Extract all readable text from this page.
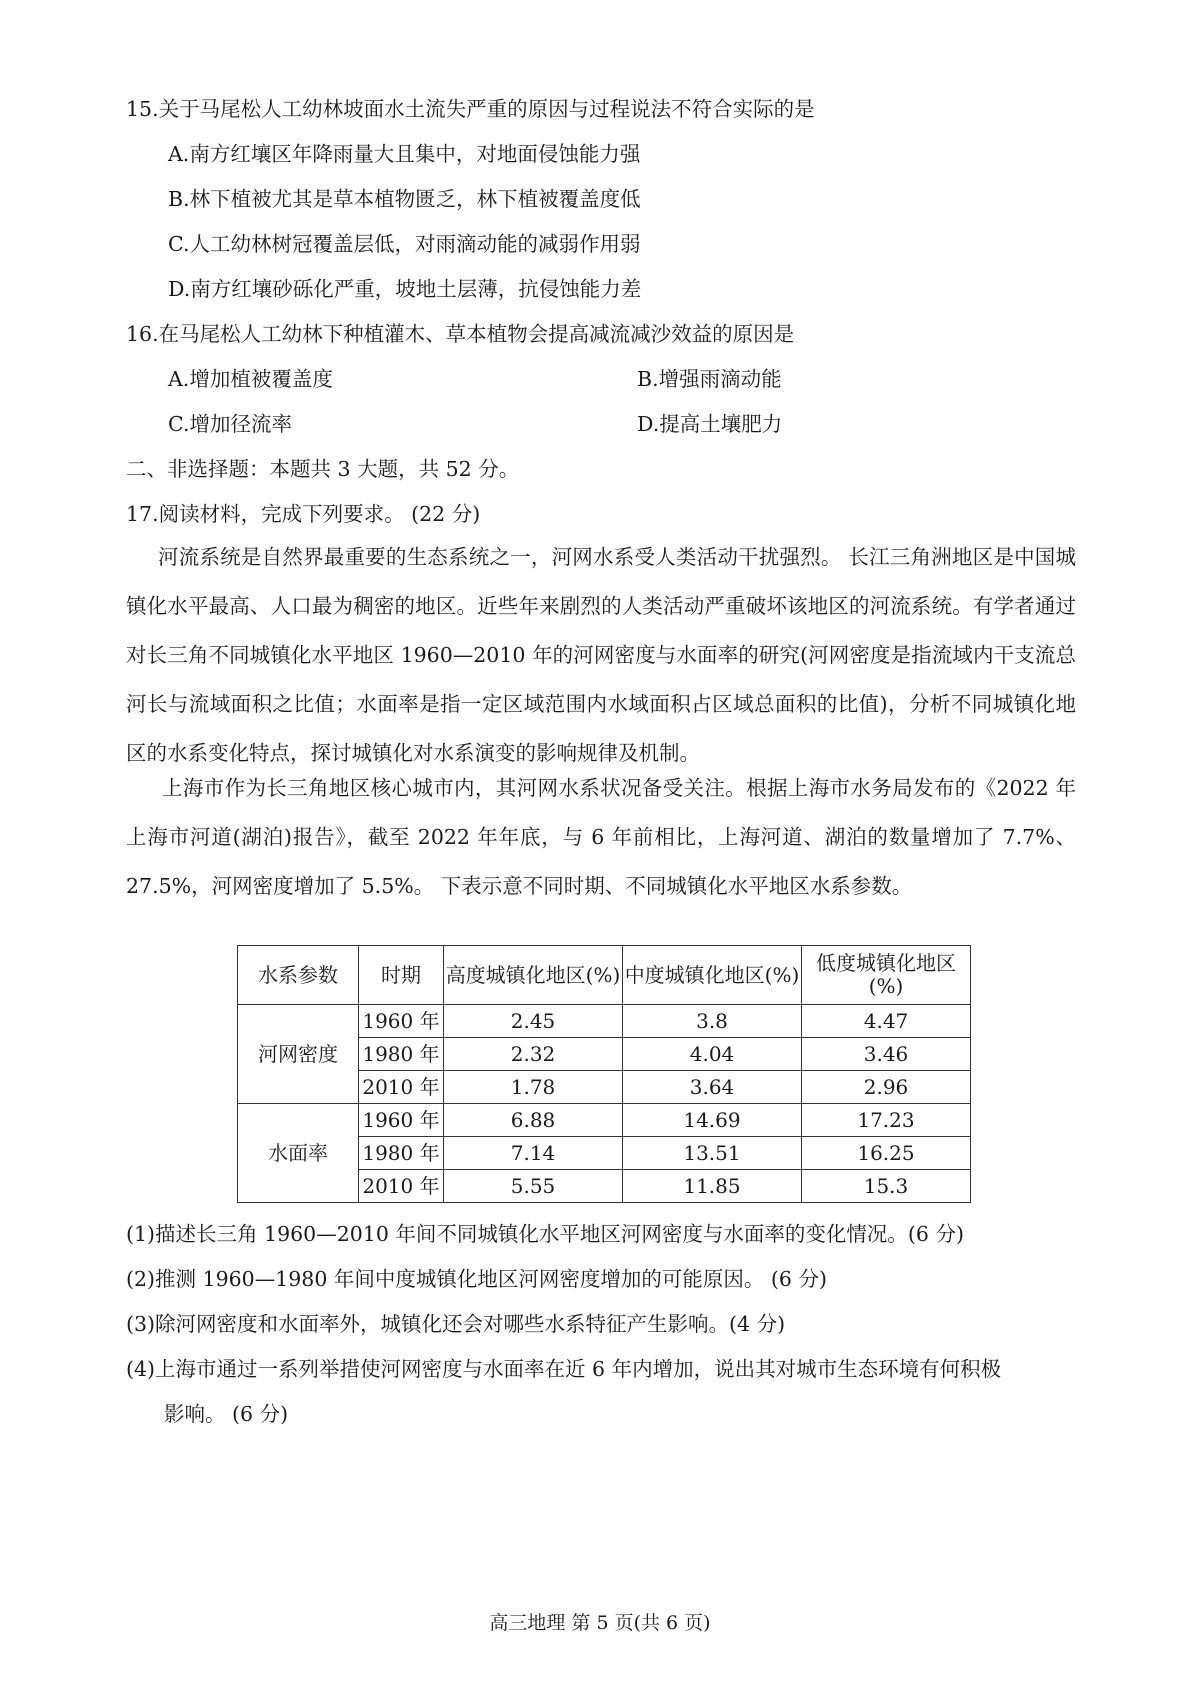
15.关于马尾松人工幼林坡面水土流失严重的原因与过程说法不符合实际的是
A.南方红壤区年降雨量大且集中，对地面侵蚀能力强
B.林下植被尤其是草本植物匮乏，林下植被覆盖度低
C.人工幼林树冠覆盖层低，对雨滴动能的减弱作用弱
D.南方红壤砂砾化严重，坡地土层薄，抗侵蚀能力差
16.在马尾松人工幼林下种植灌木、草本植物会提高减流减沙效益的原因是
A.增加植被覆盖度	B.增强雨滴动能
C.增加径流率	D.提高土壤肥力
二、非选择题：本题共 3 大题，共 52 分。
17.阅读材料，完成下列要求。 (22 分)
河流系统是自然界最重要的生态系统之一，河网水系受人类活动干扰强烈。 长江三角洲地区是中国城镇化水平最高、人口最为稠密的地区。近些年来剧烈的人类活动严重破坏该地区的河流系统。有学者通过对长三角不同城镇化水平地区 1960—2010 年的河网密度与水面率的研究(河网密度是指流域内干支流总河长与流域面积之比值；水面率是指一定区域范围内水域面积占区域总面积的比值)，分析不同城镇化地区的水系变化特点，探讨城镇化对水系演变的影响规律及机制。
上海市作为长三角地区核心城市内，其河网水系状况备受关注。根据上海市水务局发布的《2022 年上海市河道(湖泊)报告》，截至 2022 年年底，与 6 年前相比，上海河道、湖泊的数量增加了 7.7%、27.5%，河网密度增加了 5.5%。 下表示意不同时期、不同城镇化水平地区水系参数。
水系参数	时期	高度城镇化地区(%)	中度城镇化地区(%)	低度城镇化地区(%)
河网密度	1960 年	2.45	3.8	4.47
	1980 年	2.32	4.04	3.46
	2010 年	1.78	3.64	2.96
水面率	1960 年	6.88	14.69	17.23
	1980 年	7.14	13.51	16.25
	2010 年	5.55	11.85	15.3
(1)描述长三角 1960—2010 年间不同城镇化水平地区河网密度与水面率的变化情况。(6 分)
(2)推测 1960—1980 年间中度城镇化地区河网密度增加的可能原因。 (6 分)
(3)除河网密度和水面率外，城镇化还会对哪些水系特征产生影响。(4 分)
(4)上海市通过一系列举措使河网密度与水面率在近 6 年内增加，说出其对城市生态环境有何积极
影响。 (6 分)
高三地理 第 5 页(共 6 页)
